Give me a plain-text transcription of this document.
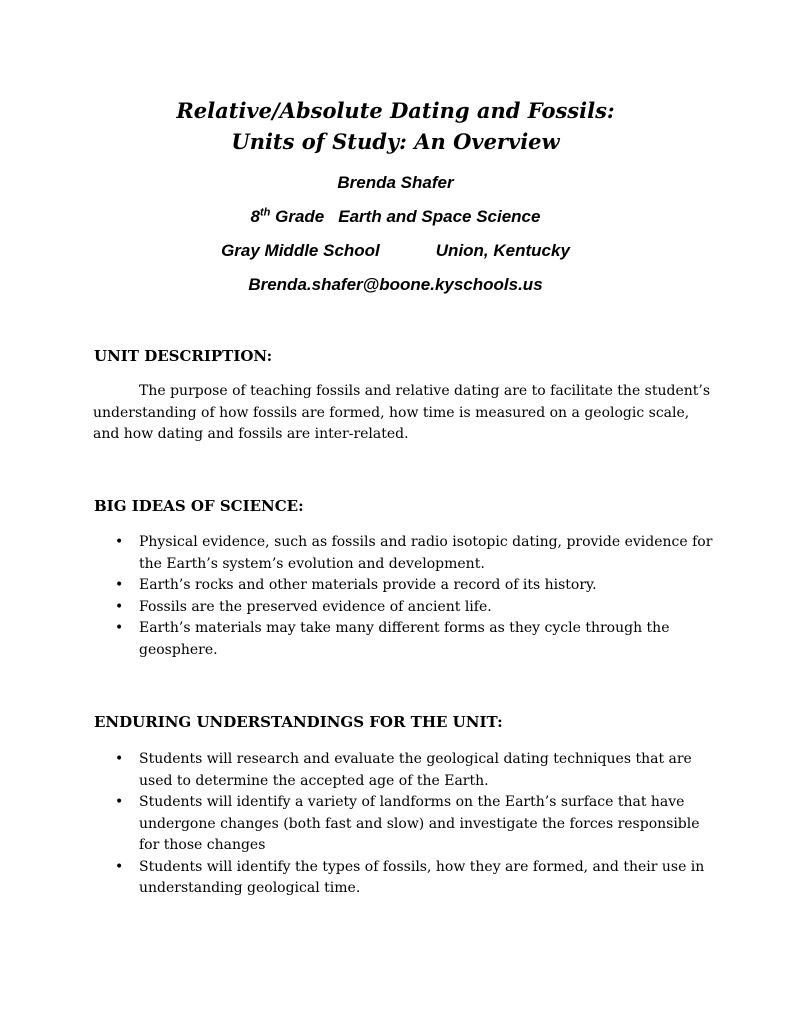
Relative/Absolute Dating and Fossils:
Units of Study: An Overview

Brenda Shafer

8th Grade Earth and Space Science

Gray Middle School	Union, Kentucky

Brenda.shafer@boone.kyschools.us

UNIT DESCRIPTION:

The purpose of teaching fossils and relative dating are to facilitate the student’s understanding of how fossils are formed, how time is measured on a geologic scale, and how dating and fossils are inter-related.

BIG IDEAS OF SCIENCE:
• Physical evidence, such as fossils and radio isotopic dating, provide evidence for the Earth’s system’s evolution and development.
• Earth’s rocks and other materials provide a record of its history.
• Fossils are the preserved evidence of ancient life.
• Earth’s materials may take many different forms as they cycle through the geosphere.
ENDURING UNDERSTANDINGS FOR THE UNIT:
• Students will research and evaluate the geological dating techniques that are used to determine the accepted age of the Earth.
• Students will identify a variety of landforms on the Earth’s surface that have undergone changes (both fast and slow) and investigate the forces responsible for those changes
• Students will identify the types of fossils, how they are formed, and their use in understanding geological time.
